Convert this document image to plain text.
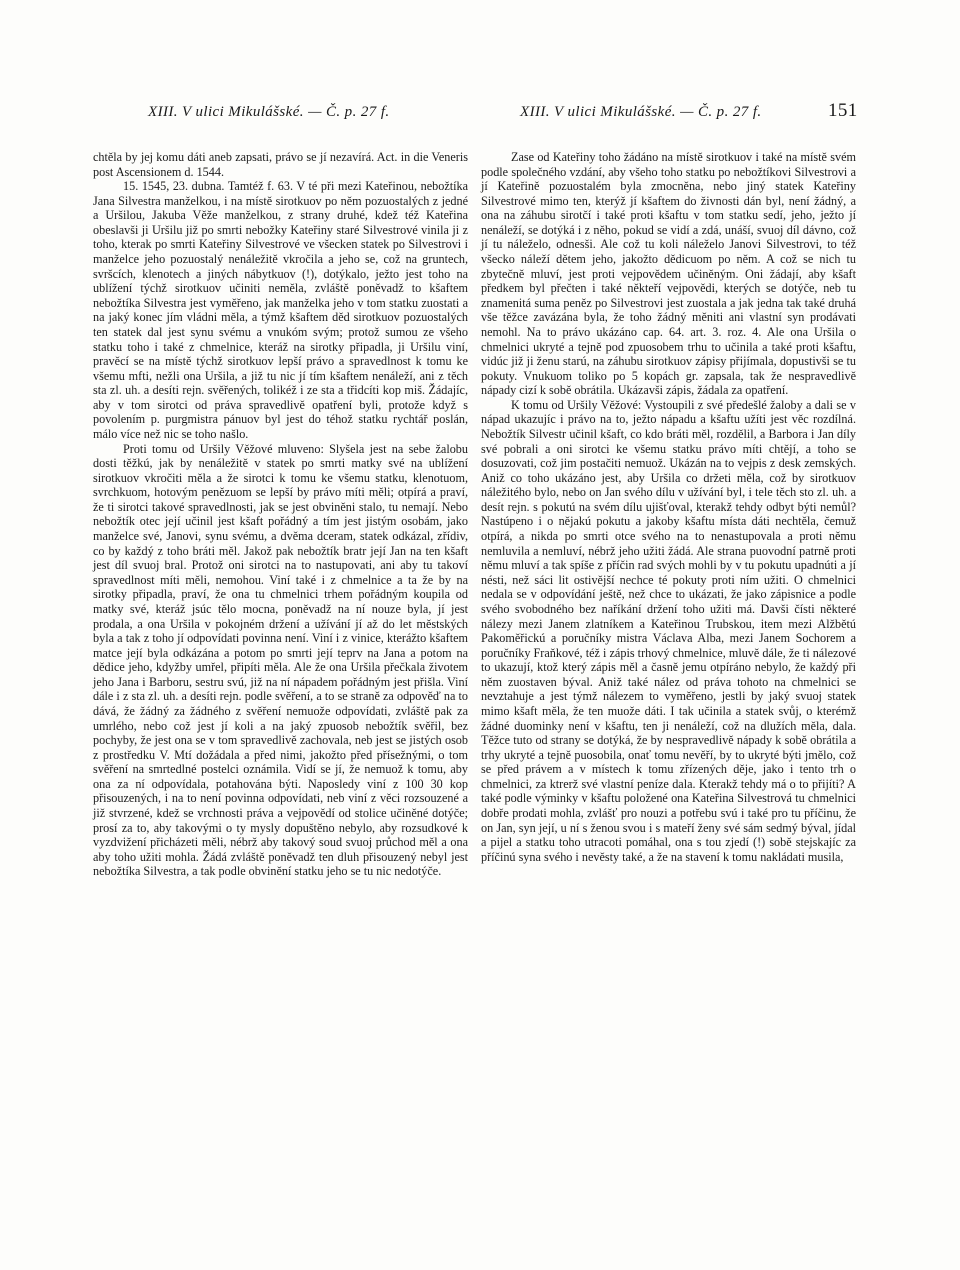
XIII. V ulici Mikulášské. — Č. p. 27 f.	XIII. V ulici Mikulášské. — Č. p. 27 f.	151

chtěla by jej komu dáti aneb zapsati, právo se jí nezavírá. Act. in die Veneris post Ascensionem d. 1544.

15. 1545, 23. dubna. Tamtéž f. 63. V té při mezi Kateřinou, nebožtíka Jana Silvestra manželkou, i na místě sirotkuov po něm pozuostalých z jedné a Uršilou, Jakuba Věže manželkou, z strany druhé, kdež též Kateřina obeslavši ji Uršilu již po smrti nebožky Kateřiny staré Silvestrové vinila ji z toho, kterak po smrti Kateřiny Silvestrové ve všecken statek po Silvestrovi i manželce jeho pozuostalý nenáležitě vkročila a jeho se, což na gruntech, svršcích, klenotech a jiných nábytkuov (!), dotýkalo, ježto jest toho na ublížení týchž sirotkuov učiniti neměla, zvláště poněvadž to kšaftem nebožtíka Silvestra jest vyměřeno, jak manželka jeho v tom statku zuostati a na jaký konec jím vládni měla, a týmž kšaftem děd sirotkuov pozuostalých ten statek dal jest synu svému a vnukóm svým; protož sumou ze všeho statku toho i také z chmelnice, kteráž na sirotky připadla, ji Uršilu viní, pravěcí se na místě týchž sirotkuov lepší právo a spravedlnost k tomu ke všemu mfti, nežli ona Uršila, a již tu nic jí tím kšaftem nenáleží, ani z těch sta zl. uh. a desíti rejn. svěřených, tolikéž i ze sta a třidcíti kop miš. Žádajíc, aby v tom sirotci od práva spravedlivě opatření byli, protože když s povolením p. purgmistra pánuov byl jest do téhož statku rychtář poslán, málo více než nic se toho našlo.

Proti tomu od Uršily Věžové mluveno: Slyšela jest na sebe žalobu dosti těžkú, jak by nenáležitě v statek po smrti matky své na ublížení sirotkuov vkročiti měla a že sirotci k tomu ke všemu statku, klenotuom, svrchkuom, hotovým penězuom se lepší by právo míti měli; otpírá a praví, že ti sirotci takové spravedlnosti, jak se jest obviněni stalo, tu nemají. Nebo nebožtík otec její učinil jest kšaft pořádný a tím jest jistým osobám, jako manželce své, Janovi, synu svému, a dvěma dceram, statek odkázal, zřídiv, co by každý z toho bráti měl. Jakož pak nebožtík bratr její Jan na ten kšaft jest díl svuoj bral. Protož oni sirotci na to nastupovati, ani aby tu takoví spravedlnost míti měli, nemohou. Viní také i z chmelnice a ta že by na sirotky připadla, praví, že ona tu chmelnici trhem pořádným koupila od matky své, kteráž jsúc tělo mocna, poněvadž na ní nouze byla, jí jest prodala, a ona Uršila v pokojném držení a užívání jí až do let městských byla a tak z toho jí odpovídati povinna není. Viní i z vinice, kterážto kšaftem matce její byla odkázána a potom po smrti její teprv na Jana a potom na dědice jeho, kdyžby umřel, připíti měla. Ale že ona Uršila přečkala životem jeho Jana i Barboru, sestru svú, již na ní nápadem pořádným jest přišla. Viní dále i z sta zl. uh. a desíti rejn. podle svěření, a to se straně za odpověď na to dává, že žádný za žádného z svěření nemuože odpovídati, zvláště pak za umrlého, nebo což jest jí koli a na jaký zpuosob nebožtík svěřil, bez pochyby, že jest ona se v tom spravedlivě zachovala, neb jest se jistých osob z prostředku V. Mtí dožádala a před nimi, jakožto před přísežnými, o tom svěření na smrtedlné postelci oznámila. Vidí se jí, že nemuož k tomu, aby ona za ní odpovídala, potahována býti. Naposledy viní z 100 30 kop přisouzených, i na to není povinna odpovídati, neb viní z věci rozsouzené a již stvrzené, kdež se vrchnosti práva a vejpovědí od stolice učiněné dotýče; prosí za to, aby takovými o ty mysly dopuštěno nebylo, aby rozsudkové k vyzdvižení přicházeti měli, nébrž aby takový soud svuoj průchod měl a ona aby toho užiti mohla. Žádá zvláště poněvadž ten dluh přisouzený nebyl jest nebožtíka Silvestra, a tak podle obvinění statku jeho se tu nic nedotýče.

Zase od Kateřiny toho žádáno na místě sirotkuov i také na místě svém podle společného vzdání, aby všeho toho statku po nebožtíkovi Silvestrovi a jí Kateřině pozuostalém byla zmocněna, nebo jiný statek Kateřiny Silvestrové mimo ten, kterýž jí kšaftem do živnosti dán byl, není žádný, a ona na záhubu sirotčí i také proti kšaftu v tom statku sedí, jeho, ježto jí nenáleží, se dotýká i z něho, pokud se vidí a zdá, unáší, svuoj díl dávno, což jí tu náleželo, odnesši. Ale což tu koli náleželo Janovi Silvestrovi, to též všecko náleží dětem jeho, jakožto dědicuom po něm. A což se nich tu zbytečně mluví, jest proti vejpovědem učiněným. Oni žádají, aby kšaft předkem byl přečten i také někteří vejpovědi, kterých se dotýče, neb tu znamenitá suma peněz po Silvestrovi jest zuostala a jak jedna tak také druhá vše těžce zavázána byla, že toho žádný měniti ani vlastní syn prodávati nemohl. Na to právo ukázáno cap. 64. art. 3. roz. 4. Ale ona Uršila o chmelnici ukryté a tejně pod zpuosobem trhu to učinila a také proti kšaftu, vidúc již ji ženu starú, na záhubu sirotkuov zápisy přijímala, dopustivši se tu pokuty. Vnukuom toliko po 5 kopách gr. zapsala, tak že nespravedlivě nápady cizí k sobě obrátila. Ukázavši zápis, žádala za opatření.

K tomu od Uršily Věžové: Vystoupili z své předešlé žaloby a dali se v nápad ukazujíc i právo na to, ježto nápadu a kšaftu užíti jest věc rozdílná. Nebožtík Silvestr učinil kšaft, co kdo bráti měl, rozdělil, a Barbora i Jan díly své pobrali a oni sirotci ke všemu statku právo míti chtějí, a toho se dosuzovati, což jim postačiti nemuož. Ukázán na to vejpis z desk zemských. Aniž co toho ukázáno jest, aby Uršila co držeti měla, což by sirotkuov náležitého bylo, nebo on Jan svého dílu v užívání byl, i tele těch sto zl. uh. a desít rejn. s pokutú na svém dílu ujišťoval, kterakž tehdy odbyt býti nemůl? Nastúpeno i o nějakú pokutu a jakoby kšaftu místa dáti nechtěla, čemuž otpírá, a nikda po smrti otce svého na to nenastupovala a proti němu nemluvila a nemluví, nébrž jeho užiti žádá. Ale strana puovodní patrně proti němu mluví a tak spíše z příčin rad svých mohli by v tu pokutu upadnúti a jí nésti, než sáci lit ostivější nechce té pokuty proti ním užiti. O chmelnici nedala se v odpovídání ještě, než chce to ukázati, že jako zápisnice a podle svého svobodného bez naříkání držení toho užiti má. Davši čísti některé nálezy mezi Janem zlatníkem a Kateřinou Trubskou, item mezi Alžbětú Pakoměřickú a poručníky mistra Václava Alba, mezi Janem Sochorem a poručníky Fraňkové, též i zápis trhový chmelnice, mluvě dále, že ti nálezové to ukazují, ktož který zápis měl a časně jemu otpíráno nebylo, že každý při něm zuostaven býval. Aniž také nález od práva tohoto na chmelnici se nevztahuje a jest týmž nálezem to vyměřeno, jestli by jaký svuoj statek mimo kšaft měla, že ten muože dáti. I tak učinila a statek svůj, o kterémž žádné duominky není v kšaftu, ten ji nenáleží, což na dlužích měla, dala. Těžce tuto od strany se dotýká, že by nespravedlivě nápady k sobě obrátila a trhy ukryté a tejně puosobila, onať tomu nevěří, by to ukryté býti jmělo, což se před právem a v místech k tomu zřízených děje, jako i tento trh o chmelnici, za ktrerž své vlastní peníze dala. Kterakž tehdy má o to přijíti? A také podle výminky v kšaftu položené ona Kateřina Silvestrová tu chmelnici dobře prodati mohla, zvlášť pro nouzi a potřebu svú i také pro tu příčinu, že on Jan, syn její, u ní s ženou svou i s mateří ženy své sám sedmý býval, jídal a pijel a statku toho utracoti pomáhal, ona s tou zjedí (!) sobě stejskajíc za příčinú syna svého i nevěsty také, a že na stavení k tomu nakládati musila,
